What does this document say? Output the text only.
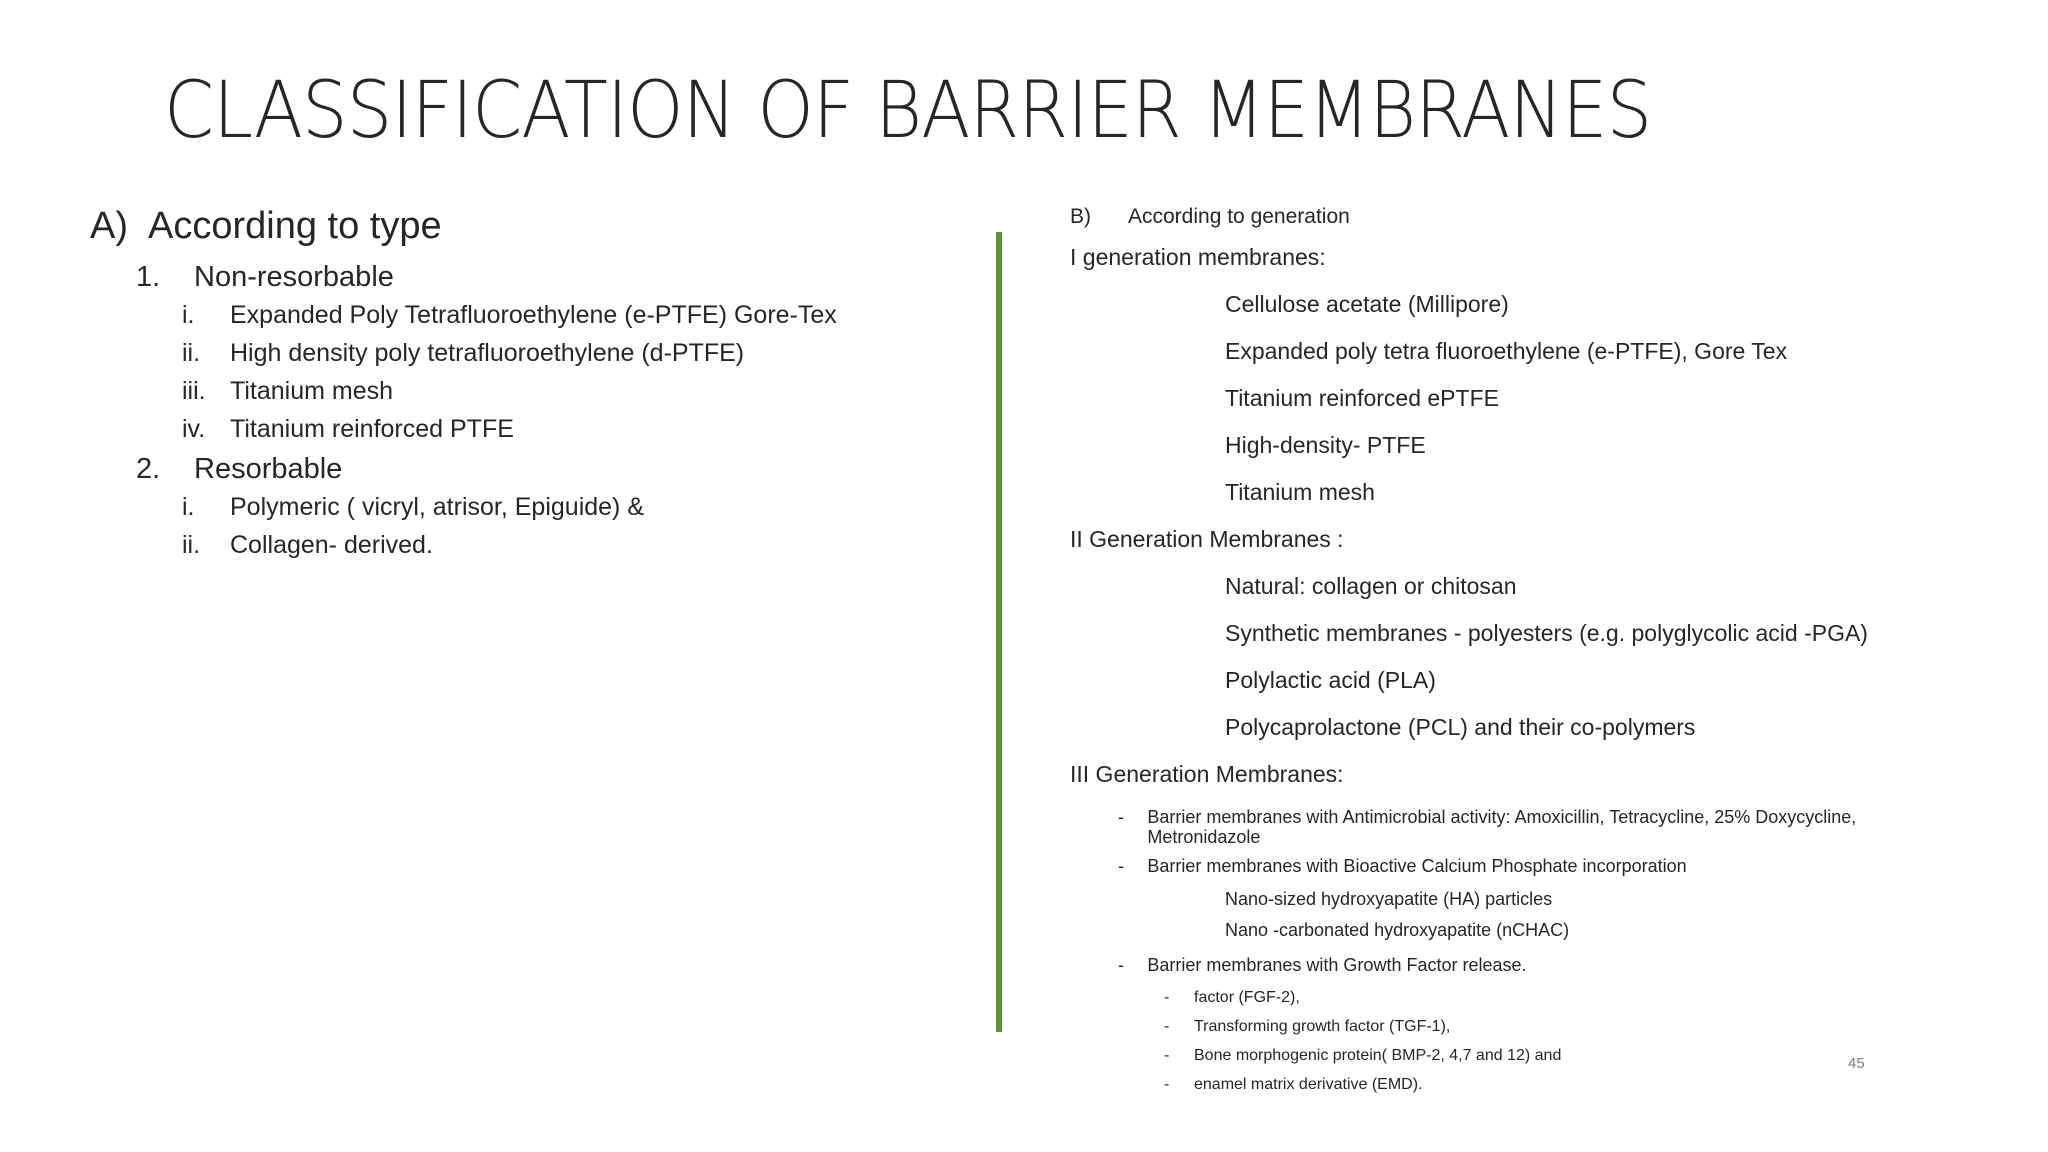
CLASSIFICATION OF BARRIER MEMBRANES
A) According to type
1.	Non-resorbable
i.	Expanded Poly Tetrafluoroethylene (e-PTFE) Gore-Tex
ii.	High density poly tetrafluoroethylene (d-PTFE)
iii. Titanium mesh
iv. Titanium reinforced PTFE
2.	Resorbable
i.	Polymeric ( vicryl, atrisor, Epiguide) &
ii.	Collagen- derived.
B)	According to generation
I generation membranes:
Cellulose acetate (Millipore)
Expanded poly tetra fluoroethylene (e-PTFE), Gore Tex
Titanium reinforced ePTFE
High-density- PTFE
Titanium mesh
II Generation Membranes :
Natural: collagen or chitosan
Synthetic membranes - polyesters (e.g. polyglycolic acid -PGA)
Polylactic acid (PLA)
Polycaprolactone (PCL) and their co-polymers
III Generation Membranes:
-	Barrier membranes with Antimicrobial activity: Amoxicillin, Tetracycline, 25% Doxycycline, Metronidazole
-	Barrier membranes with Bioactive Calcium Phosphate incorporation
Nano-sized hydroxyapatite (HA) particles
Nano -carbonated hydroxyapatite (nCHAC)
-	Barrier membranes with Growth Factor release.
-	factor (FGF-2),
-	Transforming growth factor (TGF-1),
-	Bone morphogenic protein( BMP-2, 4,7 and 12) and
-	enamel matrix derivative (EMD).
45
